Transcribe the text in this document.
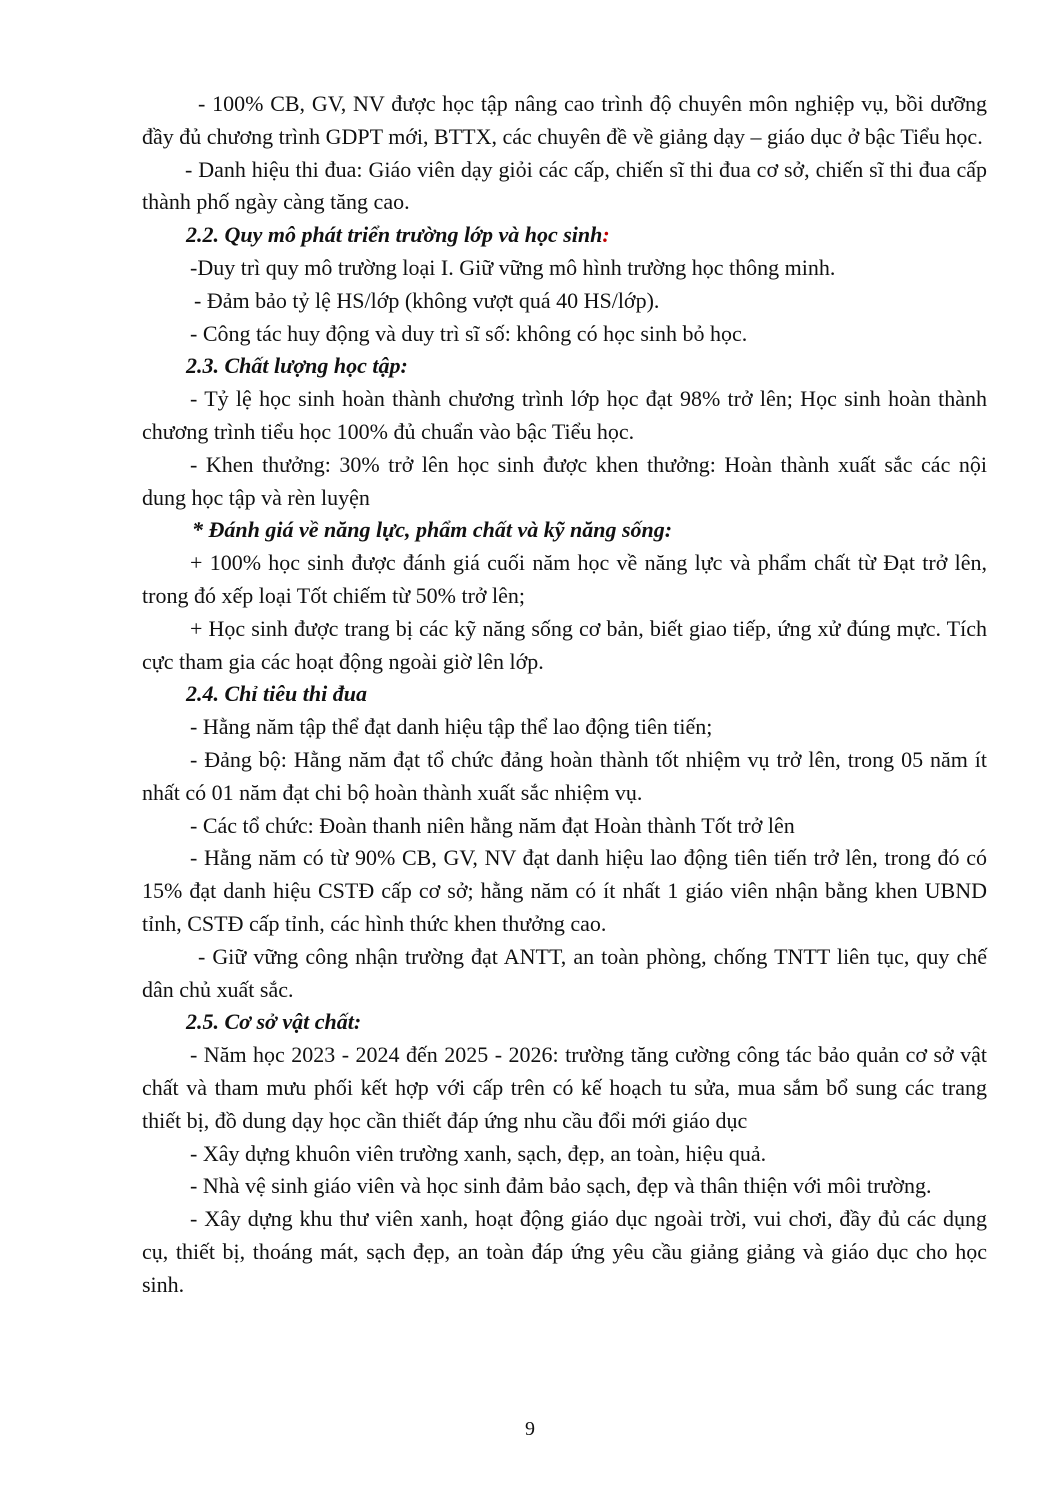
- 100% CB, GV, NV được học tập nâng cao trình độ chuyên môn nghiệp vụ, bồi dưỡng đầy đủ chương trình GDPT mới, BTTX, các chuyên đề về giảng dạy – giáo dục ở bậc Tiểu học.

- Danh hiệu thi đua: Giáo viên dạy giỏi các cấp, chiến sĩ thi đua cơ sở, chiến sĩ thi đua cấp thành phố ngày càng tăng cao.

2.2. Quy mô phát triển trường lớp và học sinh:

-Duy trì quy mô trường loại I. Giữ vững mô hình trường học thông minh.

- Đảm bảo tỷ lệ HS/lớp (không vượt quá 40 HS/lớp).

- Công tác huy động và duy trì sĩ số: không có học sinh bỏ học.

2.3. Chất lượng học tập:

- Tỷ lệ học sinh hoàn thành chương trình lớp học đạt 98% trở lên; Học sinh hoàn thành chương trình tiểu học 100% đủ chuẩn vào bậc Tiểu học.

- Khen thưởng: 30% trở lên học sinh được khen thưởng: Hoàn thành xuất sắc các nội dung học tập và rèn luyện

* Đánh giá về năng lực, phẩm chất và kỹ năng sống:

+ 100% học sinh được đánh giá cuối năm học về năng lực và phẩm chất từ Đạt trở lên, trong đó xếp loại Tốt chiếm từ 50% trở lên;

+ Học sinh được trang bị các kỹ năng sống cơ bản, biết giao tiếp, ứng xử đúng mực. Tích cực tham gia các hoạt động ngoài giờ lên lớp.

2.4. Chỉ tiêu thi đua

- Hằng năm tập thể đạt danh hiệu tập thể lao động tiên tiến;

- Đảng bộ: Hằng năm đạt tổ chức đảng hoàn thành tốt nhiệm vụ trở lên, trong 05 năm ít nhất có 01 năm đạt chi bộ hoàn thành xuất sắc nhiệm vụ.

- Các tổ chức: Đoàn thanh niên hằng năm đạt Hoàn thành Tốt trở lên

- Hằng năm có từ 90% CB, GV, NV đạt danh hiệu lao động tiên tiến trở lên, trong đó có 15% đạt danh hiệu CSTĐ cấp cơ sở; hằng năm có ít nhất 1 giáo viên nhận bằng khen UBND tỉnh, CSTĐ cấp tỉnh, các hình thức khen thưởng cao.

- Giữ vững công nhận trường đạt ANTT, an toàn phòng, chống TNTT liên tục, quy chế dân chủ xuất sắc.

2.5. Cơ sở vật chất:

- Năm học 2023 - 2024 đến 2025 - 2026: trường tăng cường công tác bảo quản cơ sở vật chất và tham mưu phối kết hợp với cấp trên có kế hoạch tu sửa, mua sắm bổ sung các trang thiết bị, đồ dung dạy học cần thiết đáp ứng nhu cầu đổi mới giáo dục

- Xây dựng khuôn viên trường xanh, sạch, đẹp, an toàn, hiệu quả.

- Nhà vệ sinh giáo viên và học sinh đảm bảo sạch, đẹp và thân thiện với môi trường.

- Xây dựng khu thư viên xanh, hoạt động giáo dục ngoài trời, vui chơi, đầy đủ các dụng cụ, thiết bị, thoáng mát, sạch đẹp, an toàn đáp ứng yêu cầu giảng giảng và giáo dục cho học sinh.

9
